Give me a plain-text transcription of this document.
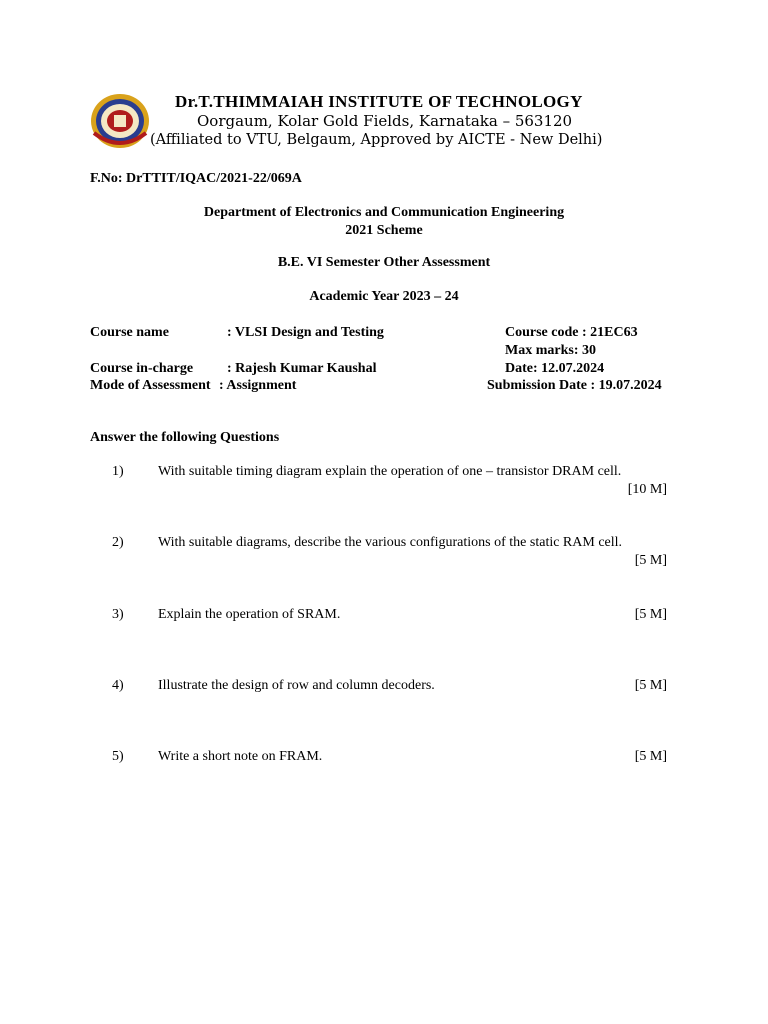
Dr.T.THIMMAIAH INSTITUTE OF TECHNOLOGY
Oorgaum, Kolar Gold Fields, Karnataka – 563120
(Affiliated to VTU, Belgaum, Approved by AICTE - New Delhi)
F.No: DrTTIT/IQAC/2021-22/069A
Department of Electronics and Communication Engineering
2021 Scheme
B.E. VI Semester Other Assessment
Academic Year 2023 – 24
Course name	: VLSI Design and Testing	Course code : 21EC63
Max marks: 30
Course in-charge : Rajesh Kumar Kaushal	Date: 12.07.2024
Mode of Assessment : Assignment	Submission Date : 19.07.2024
Answer the following Questions
1) With suitable timing diagram explain the operation of one – transistor DRAM cell.
[10 M]
2) With suitable diagrams, describe the various configurations of the static RAM cell.
[5 M]
3) Explain the operation of SRAM.	[5 M]
4) Illustrate the design of row and column decoders.	[5 M]
5) Write a short note on FRAM.	[5 M]
